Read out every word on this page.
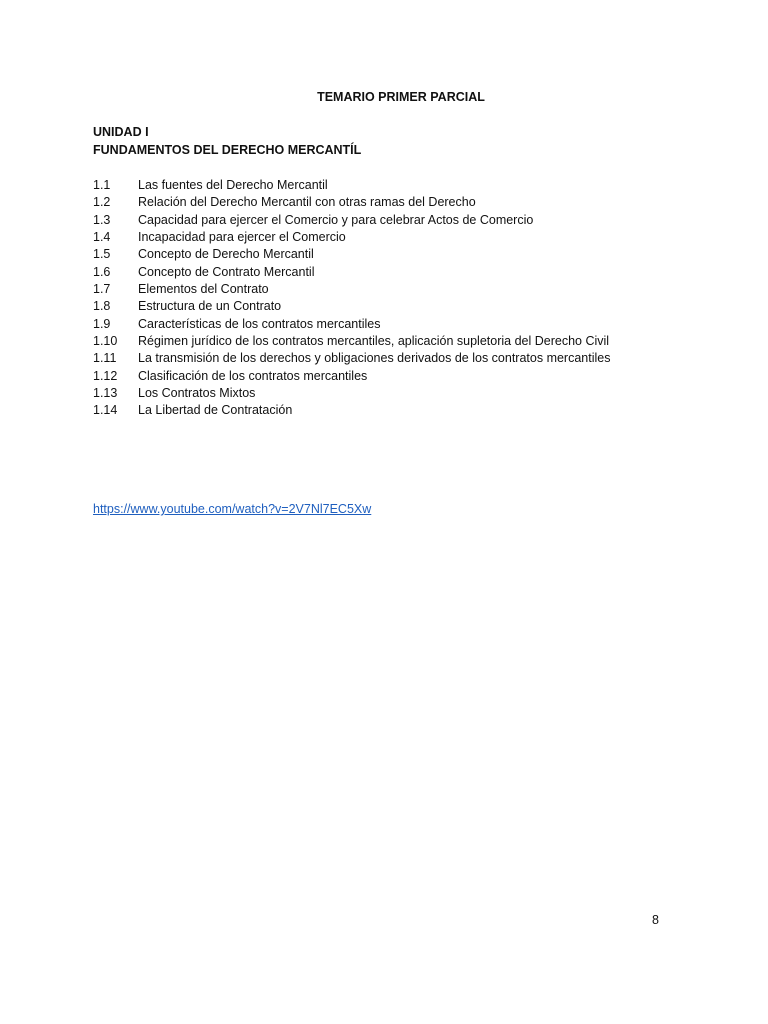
TEMARIO PRIMER PARCIAL
UNIDAD I
FUNDAMENTOS DEL DERECHO MERCANTÍL
1.1	Las fuentes del Derecho Mercantil
1.2	Relación del Derecho Mercantil con otras ramas del Derecho
1.3	Capacidad para ejercer el Comercio y para celebrar Actos de Comercio
1.4	Incapacidad para ejercer el Comercio
1.5	Concepto de Derecho Mercantil
1.6	Concepto de Contrato Mercantil
1.7	Elementos del Contrato
1.8	Estructura de un Contrato
1.9	Características de los contratos mercantiles
1.10	Régimen jurídico de los contratos mercantiles, aplicación supletoria del Derecho Civil
1.11	La transmisión de los derechos y obligaciones derivados de los contratos mercantiles
1.12	Clasificación de los contratos mercantiles
1.13	Los Contratos Mixtos
1.14	La Libertad de Contratación
https://www.youtube.com/watch?v=2V7Nl7EC5Xw
8
